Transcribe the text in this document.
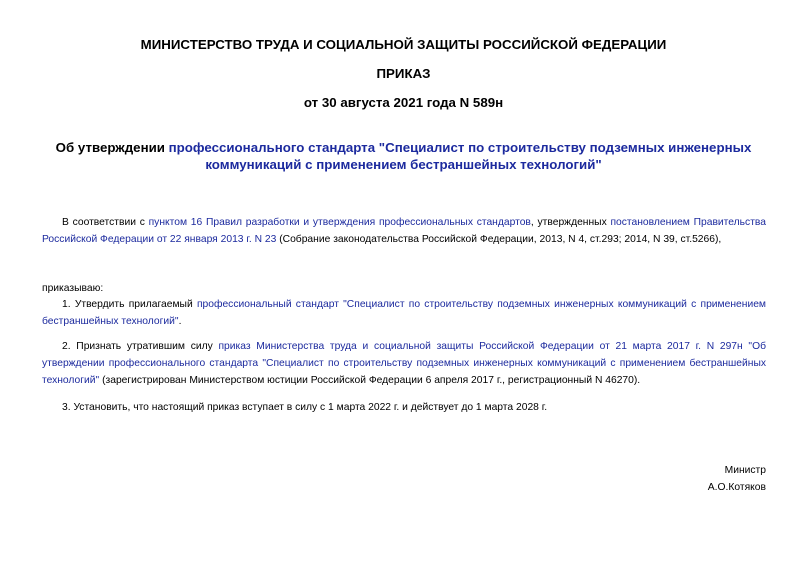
МИНИСТЕРСТВО ТРУДА И СОЦИАЛЬНОЙ ЗАЩИТЫ РОССИЙСКОЙ ФЕДЕРАЦИИ
ПРИКАЗ
от 30 августа 2021 года N 589н
Об утверждении профессионального стандарта "Специалист по строительству подземных инженерных коммуникаций с применением бестраншейных технологий"
В соответствии с пунктом 16 Правил разработки и утверждения профессиональных стандартов, утвержденных постановлением Правительства Российской Федерации от 22 января 2013 г. N 23 (Собрание законодательства Российской Федерации, 2013, N 4, ст.293; 2014, N 39, ст.5266),
приказываю:
1. Утвердить прилагаемый профессиональный стандарт "Специалист по строительству подземных инженерных коммуникаций с применением бестраншейных технологий".
2. Признать утратившим силу приказ Министерства труда и социальной защиты Российской Федерации от 21 марта 2017 г. N 297н "Об утверждении профессионального стандарта "Специалист по строительству подземных инженерных коммуникаций с применением бестраншейных технологий" (зарегистрирован Министерством юстиции Российской Федерации 6 апреля 2017 г., регистрационный N 46270).
3. Установить, что настоящий приказ вступает в силу с 1 марта 2022 г. и действует до 1 марта 2028 г.
Министр
А.О.Котяков
